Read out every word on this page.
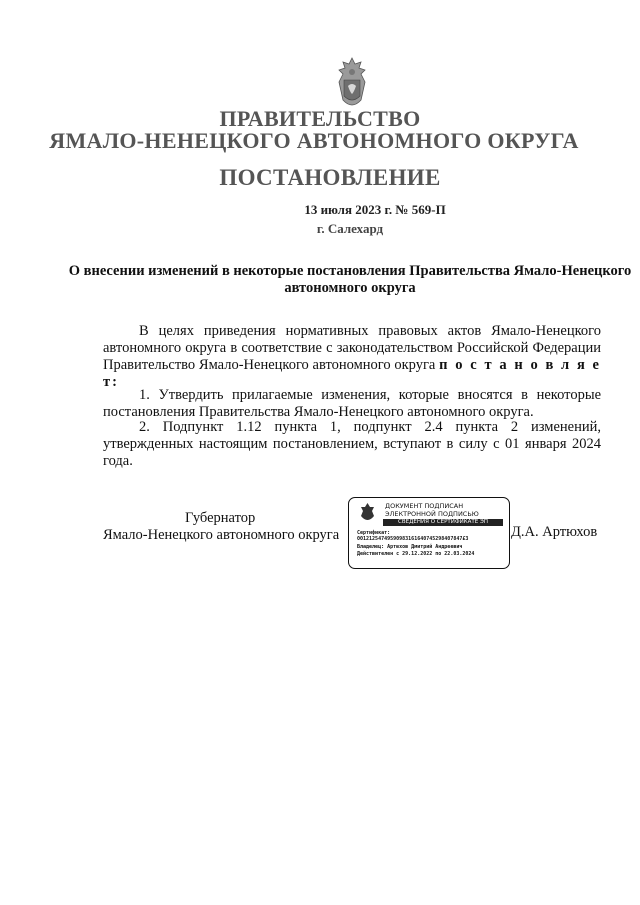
ПРАВИТЕЛЬСТВО
ЯМАЛО-НЕНЕЦКОГО АВТОНОМНОГО ОКРУГА
ПОСТАНОВЛЕНИЕ
13 июля 2023 г. № 569-П
г. Салехард
О внесении изменений в некоторые постановления Правительства Ямало-Ненецкого автономного округа
В целях приведения нормативных правовых актов Ямало-Ненецкого автономного округа в соответствие с законодательством Российской Федерации Правительство Ямало-Ненецкого автономного округа п о с т а н о в л я е т:
1. Утвердить прилагаемые изменения, которые вносятся в некоторые постановления Правительства Ямало-Ненецкого автономного округа.
2. Подпункт 1.12 пункта 1, подпункт 2.4 пункта 2 изменений, утвержденных настоящим постановлением, вступают в силу с 01 января 2024 года.
Губернатор
Ямало-Ненецкого автономного округа
ДОКУМЕНТ ПОДПИСАН
ЭЛЕКТРОННОЙ ПОДПИСЬЮ
СВЕДЕНИЯ О СЕРТИФИКАТЕ ЭП
Сертификат:
00121254749590983161640745298407847£3
Владелец: Артюхов Дмитрий Андреевич
Действителен с 29.12.2022 по 22.03.2024
Д.А. Артюхов
